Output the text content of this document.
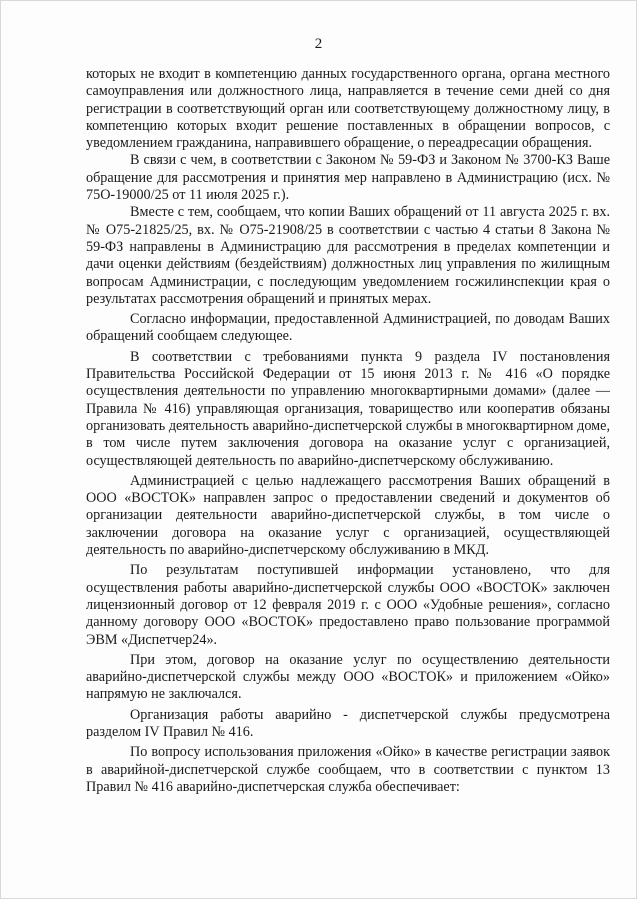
2

которых не входит в компетенцию данных государственного органа, органа местного самоуправления или должностного лица, направляется в течение семи дней со дня регистрации в соответствующий орган или соответствующему должностному лицу, в компетенцию которых входит решение поставленных в обращении вопросов, с уведомлением гражданина, направившего обращение, о переадресации обращения.

В связи с чем, в соответствии с Законом № 59-ФЗ и Законом № 3700-КЗ Ваше обращение для рассмотрения и принятия мер направлено в Администрацию (исх. № 75О-19000/25 от 11 июля 2025 г.).

Вместе с тем, сообщаем, что копии Ваших обращений от 11 августа 2025 г. вх. № О75-21825/25, вх. № О75-21908/25 в соответствии с частью 4 статьи 8 Закона № 59-ФЗ направлены в Администрацию для рассмотрения в пределах компетенции и дачи оценки действиям (бездействиям) должностных лиц управления по жилищным вопросам Администрации, с последующим уведомлением госжилинспекции края о результатах рассмотрения обращений и принятых мерах.

Согласно информации, предоставленной Администрацией, по доводам Ваших обращений сообщаем следующее.

В соответствии с требованиями пункта 9 раздела IV постановления Правительства Российской Федерации от 15 июня 2013 г. № 416 «О порядке осуществления деятельности по управлению многоквартирными домами» (далее — Правила № 416) управляющая организация, товарищество или кооператив обязаны организовать деятельность аварийно-диспетчерской службы в многоквартирном доме, в том числе путем заключения договора на оказание услуг с организацией, осуществляющей деятельность по аварийно-диспетчерскому обслуживанию.

Администрацией с целью надлежащего рассмотрения Ваших обращений в ООО «ВОСТОК» направлен запрос о предоставлении сведений и документов об организации деятельности аварийно-диспетчерской службы, в том числе о заключении договора на оказание услуг с организацией, осуществляющей деятельность по аварийно-диспетчерскому обслуживанию в МКД.

По результатам поступившей информации установлено, что для осуществления работы аварийно-диспетчерской службы ООО «ВОСТОК» заключен лицензионный договор от 12 февраля 2019 г. с ООО «Удобные решения», согласно данному договору ООО «ВОСТОК» предоставлено право пользование программой ЭВМ «Диспетчер24».

При этом, договор на оказание услуг по осуществлению деятельности аварийно-диспетчерской службы между ООО «ВОСТОК» и приложением «Ойко» напрямую не заключался.

Организация работы аварийно - диспетчерской службы предусмотрена разделом IV Правил № 416.

По вопросу использования приложения «Ойко» в качестве регистрации заявок в аварийной-диспетчерской службе сообщаем, что в соответствии с пунктом 13 Правил № 416 аварийно-диспетчерская служба обеспечивает:
